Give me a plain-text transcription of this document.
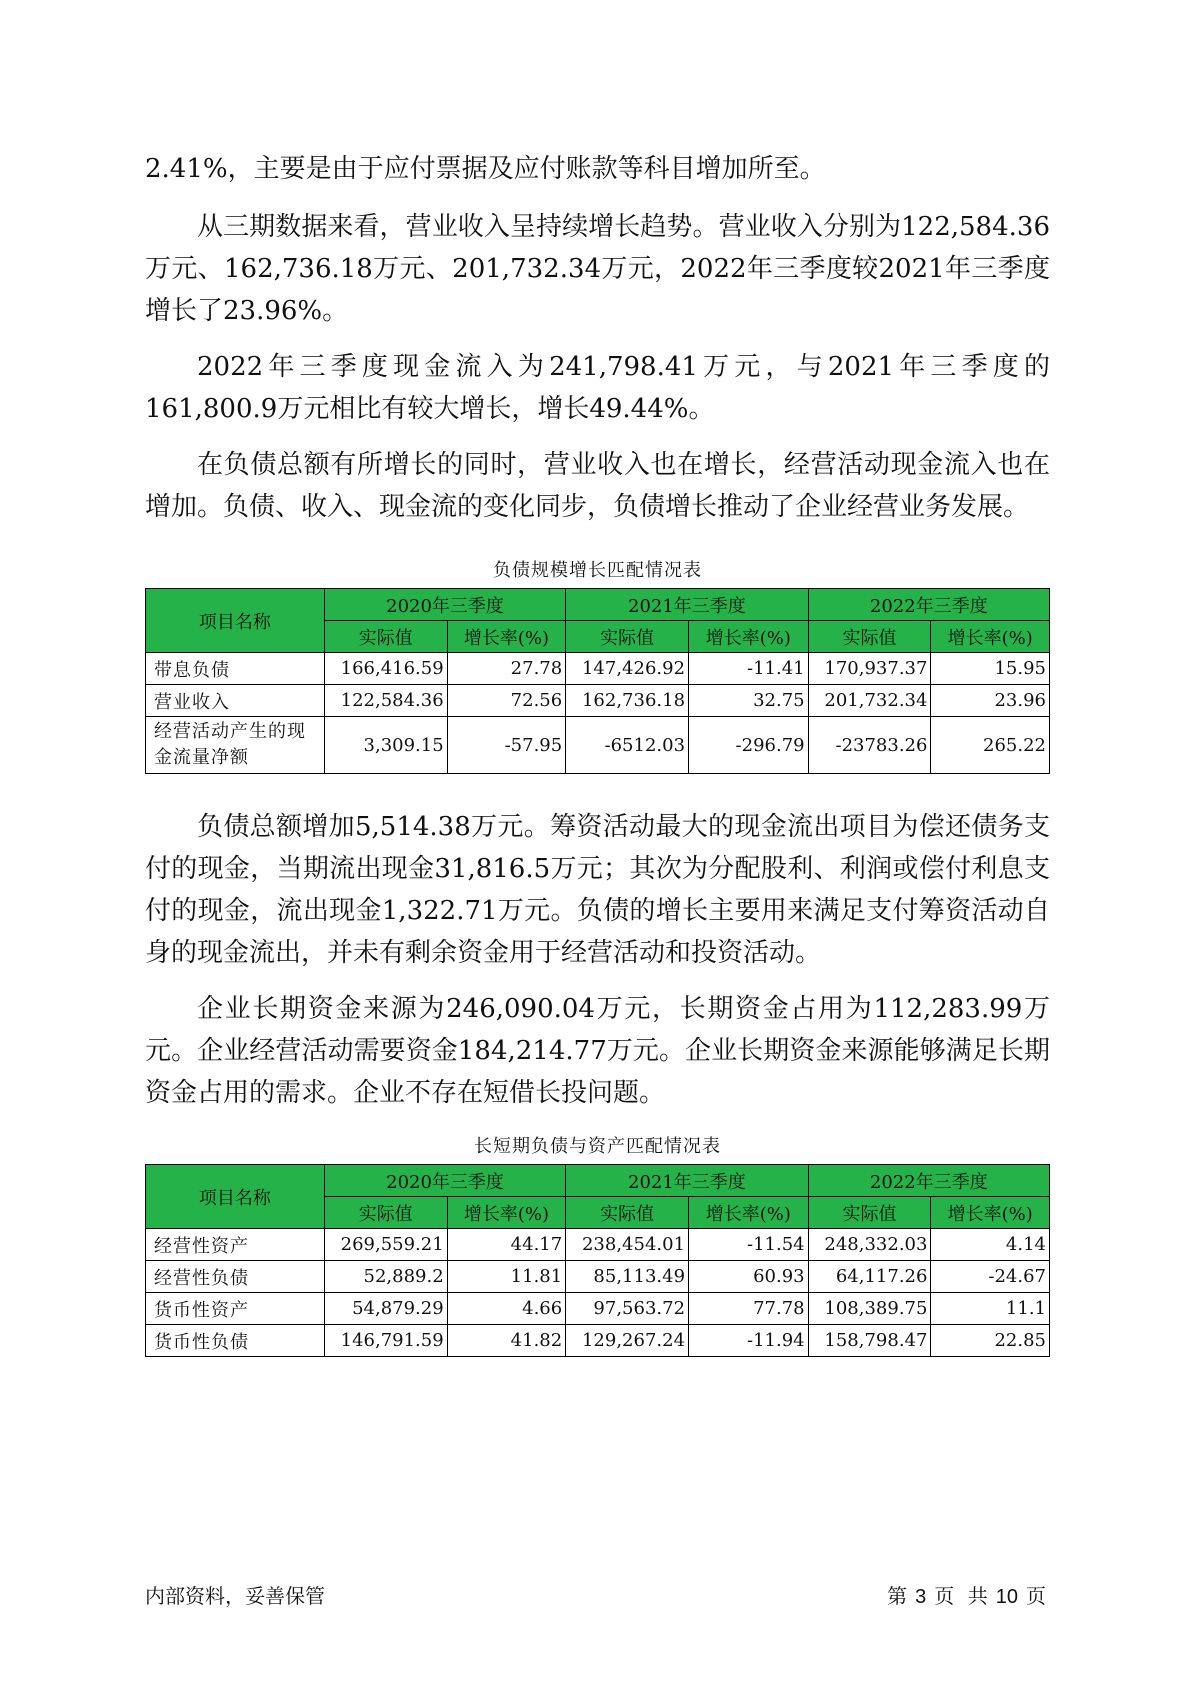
2.41%，主要是由于应付票据及应付账款等科目增加所至。

从三期数据来看，营业收入呈持续增长趋势。营业收入分别为122,584.36万元、162,736.18万元、201,732.34万元，2022年三季度较2021年三季度增长了23.96%。

2022年三季度现金流入为241,798.41万元，与2021年三季度的161,800.9万元相比有较大增长，增长49.44%。

在负债总额有所增长的同时，营业收入也在增长，经营活动现金流入也在增加。负债、收入、现金流的变化同步，负债增长推动了企业经营业务发展。

负债规模增长匹配情况表
项目名称	2020年三季度		2021年三季度		2022年三季度	
	实际值	增长率(%)	实际值	增长率(%)	实际值	增长率(%)
带息负债	166,416.59	27.78	147,426.92	-11.41	170,937.37	15.95
营业收入	122,584.36	72.56	162,736.18	32.75	201,732.34	23.96
经营活动产生的现金流量净额	3,309.15	-57.95	-6512.03	-296.79	-23783.26	265.22

负债总额增加5,514.38万元。筹资活动最大的现金流出项目为偿还债务支付的现金，当期流出现金31,816.5万元；其次为分配股利、利润或偿付利息支付的现金，流出现金1,322.71万元。负债的增长主要用来满足支付筹资活动自身的现金流出，并未有剩余资金用于经营活动和投资活动。

企业长期资金来源为246,090.04万元，长期资金占用为112,283.99万元。企业经营活动需要资金184,214.77万元。企业长期资金来源能够满足长期资金占用的需求。企业不存在短借长投问题。

长短期负债与资产匹配情况表
项目名称	2020年三季度		2021年三季度		2022年三季度	
	实际值	增长率(%)	实际值	增长率(%)	实际值	增长率(%)
经营性资产	269,559.21	44.17	238,454.01	-11.54	248,332.03	4.14
经营性负债	52,889.2	11.81	85,113.49	60.93	64,117.26	-24.67
货币性资产	54,879.29	4.66	97,563.72	77.78	108,389.75	11.1
货币性负债	146,791.59	41.82	129,267.24	-11.94	158,798.47	22.85
内部资料，妥善保管	第 3 页 共 10 页
